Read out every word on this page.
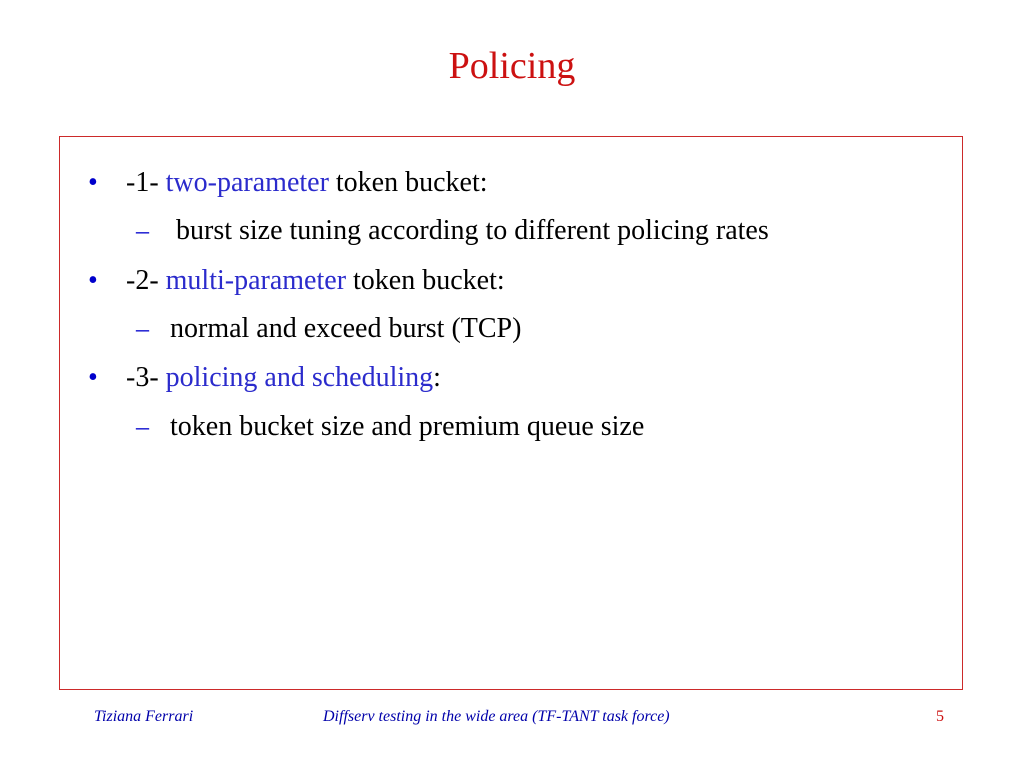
Policing
• -1- two-parameter token bucket:
– burst size tuning according to different policing rates
• -2- multi-parameter token bucket:
– normal and exceed burst (TCP)
• -3- policing and scheduling:
– token bucket size and premium queue size
Tiziana Ferrari	Diffserv testing in the wide area (TF-TANT task force)	5
